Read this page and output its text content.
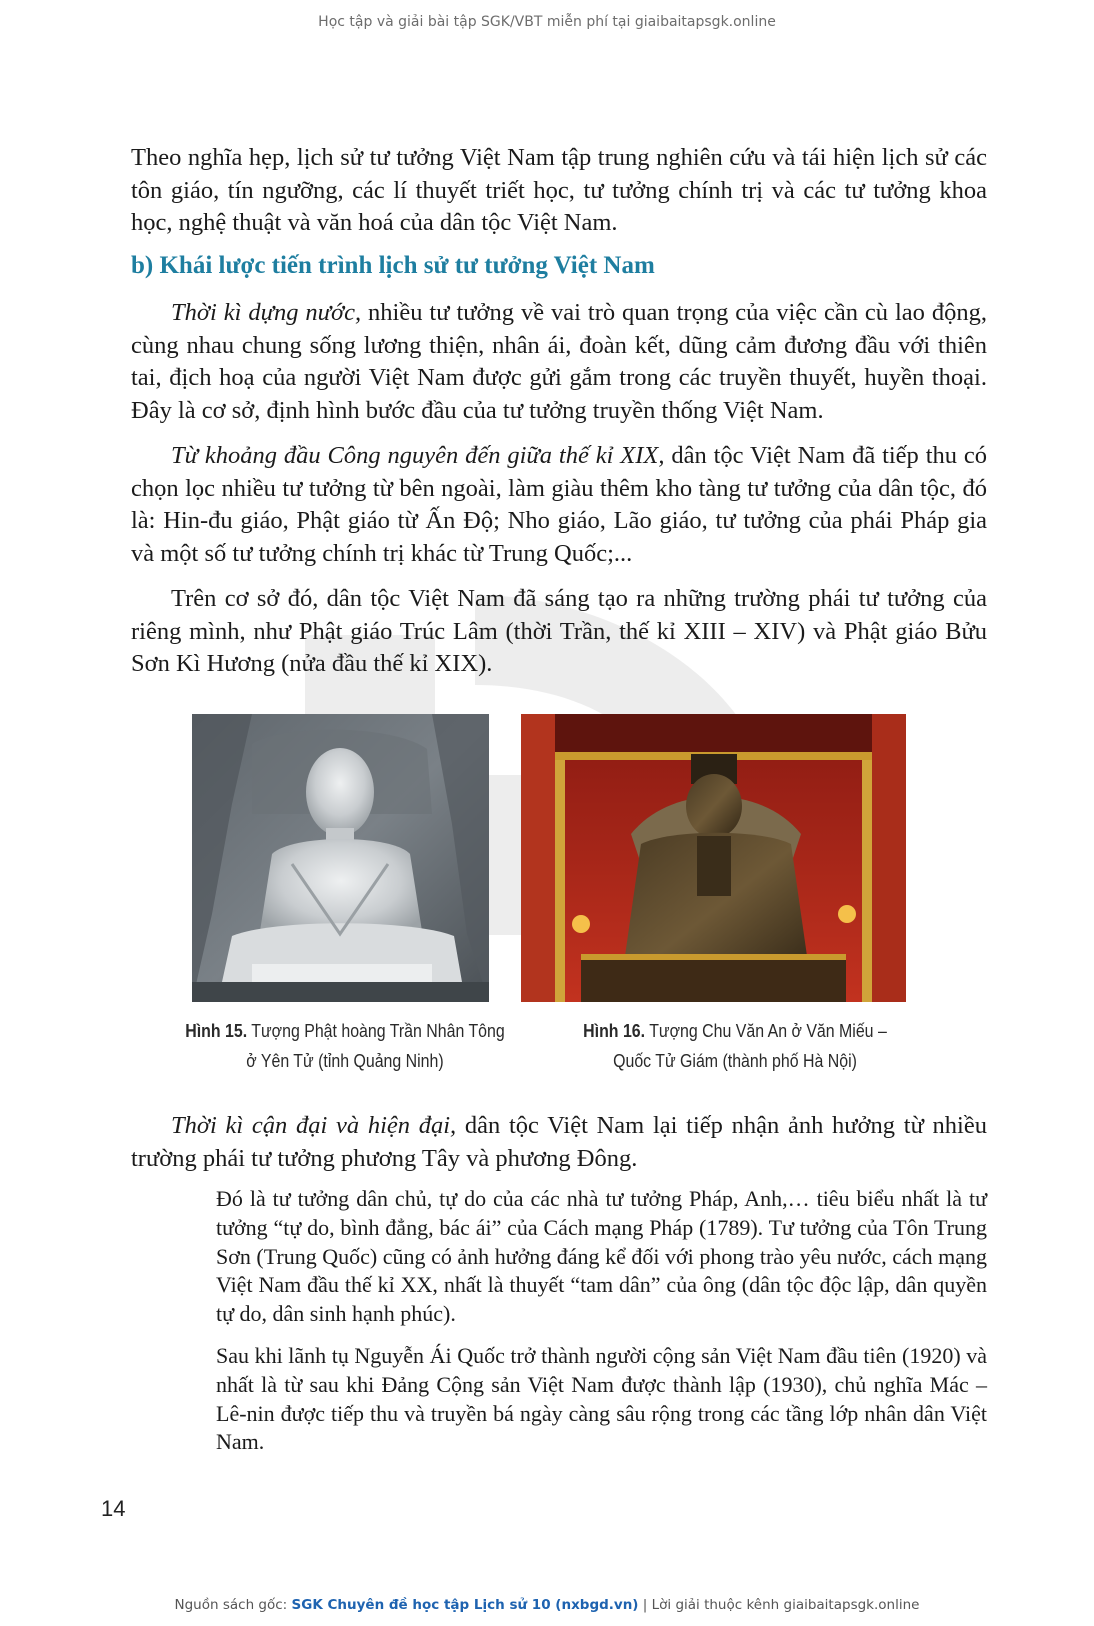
Học tập và giải bài tập SGK/VBT miễn phí tại giaibaitapsgk.online

Theo nghĩa hẹp, lịch sử tư tưởng Việt Nam tập trung nghiên cứu và tái hiện lịch sử các tôn giáo, tín ngưỡng, các lí thuyết triết học, tư tưởng chính trị và các tư tưởng khoa học, nghệ thuật và văn hoá của dân tộc Việt Nam.

b) Khái lược tiến trình lịch sử tư tưởng Việt Nam

Thời kì dựng nước, nhiều tư tưởng về vai trò quan trọng của việc cần cù lao động, cùng nhau chung sống lương thiện, nhân ái, đoàn kết, dũng cảm đương đầu với thiên tai, địch hoạ của người Việt Nam được gửi gắm trong các truyền thuyết, huyền thoại. Đây là cơ sở, định hình bước đầu của tư tưởng truyền thống Việt Nam.

Từ khoảng đầu Công nguyên đến giữa thế kỉ XIX, dân tộc Việt Nam đã tiếp thu có chọn lọc nhiều tư tưởng từ bên ngoài, làm giàu thêm kho tàng tư tưởng của dân tộc, đó là: Hin-đu giáo, Phật giáo từ Ấn Độ; Nho giáo, Lão giáo, tư tưởng của phái Pháp gia và một số tư tưởng chính trị khác từ Trung Quốc;...

Trên cơ sở đó, dân tộc Việt Nam đã sáng tạo ra những trường phái tư tưởng của riêng mình, như Phật giáo Trúc Lâm (thời Trần, thế kỉ XIII – XIV) và Phật giáo Bửu Sơn Kì Hương (nửa đầu thế kỉ XIX).

Hình 15. Tượng Phật hoàng Trần Nhân Tông
ở Yên Tử (tỉnh Quảng Ninh)
Hình 16. Tượng Chu Văn An ở Văn Miếu –
Quốc Tử Giám (thành phố Hà Nội)

Thời kì cận đại và hiện đại, dân tộc Việt Nam lại tiếp nhận ảnh hưởng từ nhiều trường phái tư tưởng phương Tây và phương Đông.

Đó là tư tưởng dân chủ, tự do của các nhà tư tưởng Pháp, Anh,… tiêu biểu nhất là tư tưởng “tự do, bình đẳng, bác ái” của Cách mạng Pháp (1789). Tư tưởng của Tôn Trung Sơn (Trung Quốc) cũng có ảnh hưởng đáng kể đối với phong trào yêu nước, cách mạng Việt Nam đầu thế kỉ XX, nhất là thuyết “tam dân” của ông (dân tộc độc lập, dân quyền tự do, dân sinh hạnh phúc).

Sau khi lãnh tụ Nguyễn Ái Quốc trở thành người cộng sản Việt Nam đầu tiên (1920) và nhất là từ sau khi Đảng Cộng sản Việt Nam được thành lập (1930), chủ nghĩa Mác – Lê-nin được tiếp thu và truyền bá ngày càng sâu rộng trong các tầng lớp nhân dân Việt Nam.

14
Nguồn sách gốc: SGK Chuyên đề học tập Lịch sử 10 (nxbgd.vn) | Lời giải thuộc kênh giaibaitapsgk.online
